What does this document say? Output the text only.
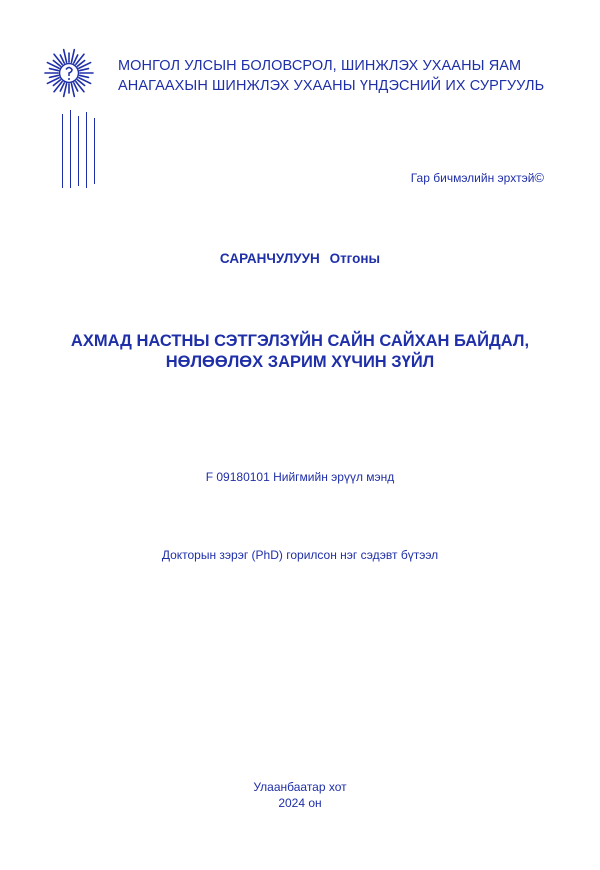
МОНГОЛ УЛСЫН БОЛОВСРОЛ, ШИНЖЛЭХ УХААНЫ ЯАМ
АНАГААХЫН ШИНЖЛЭХ УХААНЫ ҮНДЭСНИЙ ИХ СУРГУУЛЬ
Гар бичмэлийн эрхтэй©
САРАНЧУЛУУН Отгоны
АХМАД НАСТНЫ СЭТГЭЛЗҮЙН САЙН САЙХАН БАЙДАЛ,
НӨЛӨӨЛӨХ ЗАРИМ ХҮЧИН ЗҮЙЛ
F 09180101 Нийгмийн эрүүл мэнд
Докторын зэрэг (PhD) горилсон нэг сэдэвт бүтээл
Улаанбаатар хот
2024 он
